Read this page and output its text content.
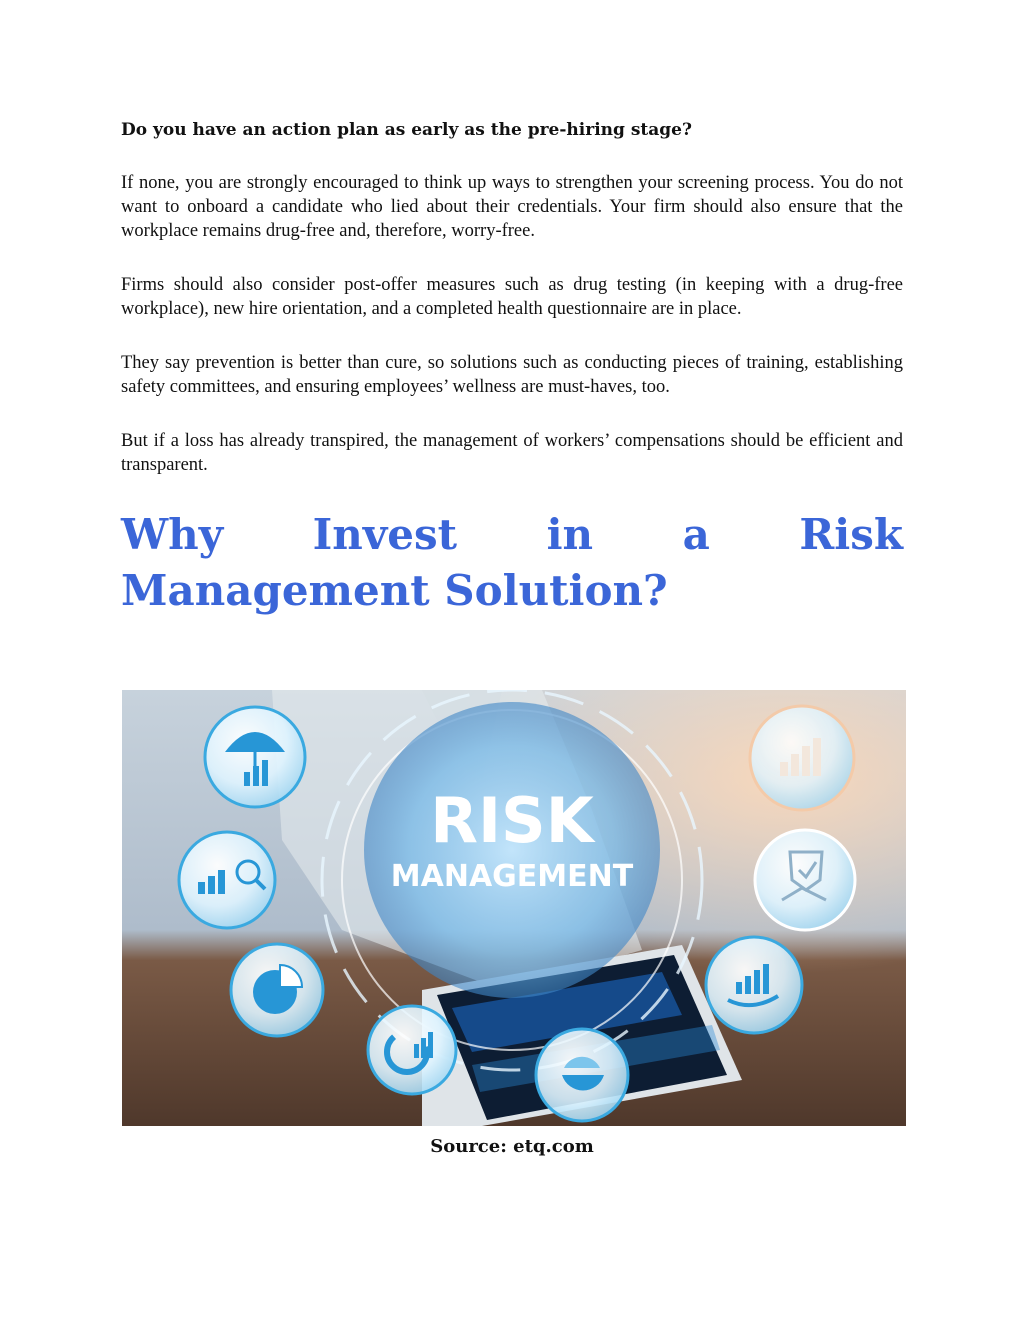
Do you have an action plan as early as the pre-hiring stage?

If none, you are strongly encouraged to think up ways to strengthen your screening process. You do not want to onboard a candidate who lied about their credentials. Your firm should also ensure that the workplace remains drug-free and, therefore, worry-free.

Firms should also consider post-offer measures such as drug testing (in keeping with a drug-free workplace), new hire orientation, and a completed health questionnaire are in place.

They say prevention is better than cure, so solutions such as conducting pieces of training, establishing safety committees, and ensuring employees’ wellness are must-haves, too.

But if a loss has already transpired, the management of workers’ compensations should be efficient and transparent.

Why Invest in a Risk Management Solution?
RISK
MANAGEMENT
Source: etq.com
